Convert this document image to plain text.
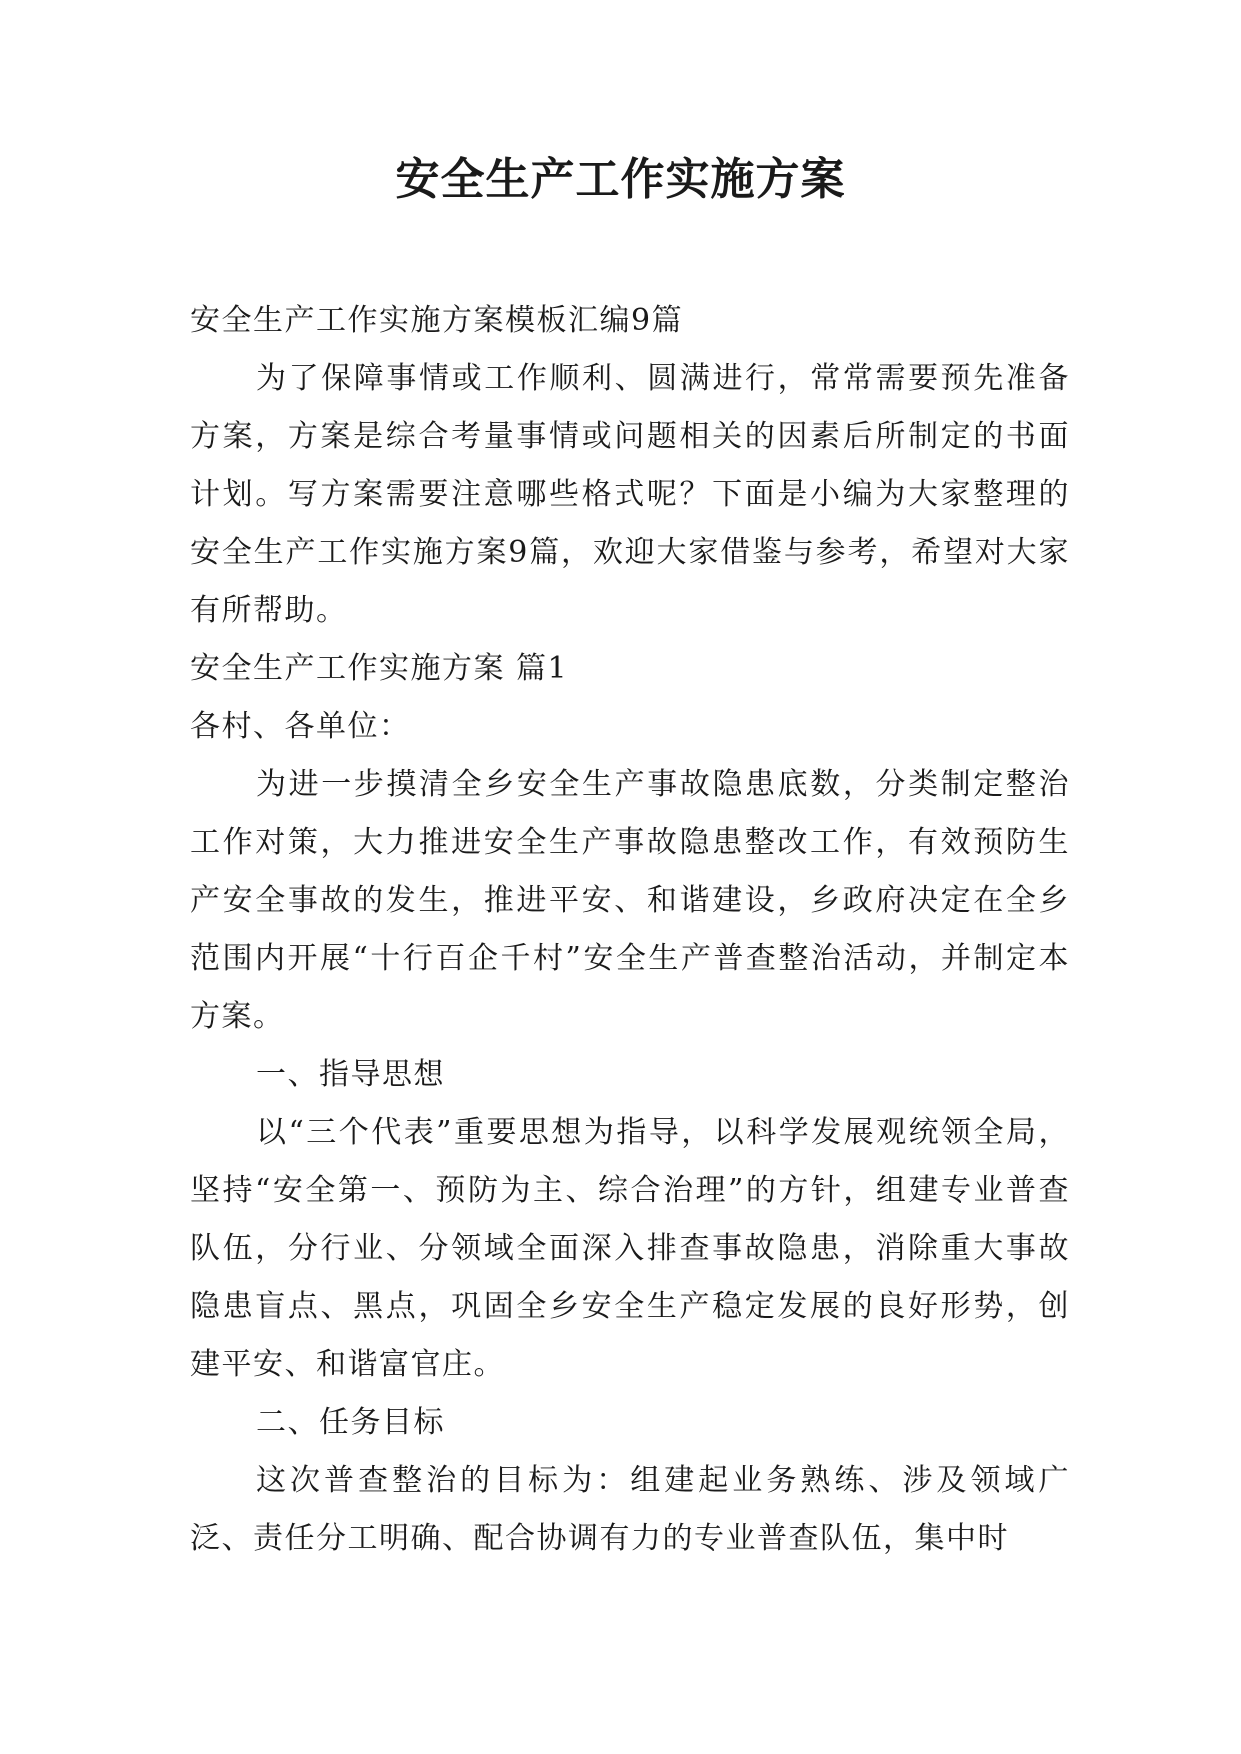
安全生产工作实施方案

安全生产工作实施方案模板汇编9篇

为了保障事情或工作顺利、圆满进行，常常需要预先准备方案，方案是综合考量事情或问题相关的因素后所制定的书面计划。写方案需要注意哪些格式呢？下面是小编为大家整理的安全生产工作实施方案9篇，欢迎大家借鉴与参考，希望对大家有所帮助。

安全生产工作实施方案 篇1

各村、各单位：

为进一步摸清全乡安全生产事故隐患底数，分类制定整治工作对策，大力推进安全生产事故隐患整改工作，有效预防生产安全事故的发生，推进平安、和谐建设，乡政府决定在全乡范围内开展“十行百企千村”安全生产普查整治活动，并制定本方案。

一、指导思想

以“三个代表”重要思想为指导，以科学发展观统领全局，坚持“安全第一、预防为主、综合治理”的方针，组建专业普查队伍，分行业、分领域全面深入排查事故隐患，消除重大事故隐患盲点、黑点，巩固全乡安全生产稳定发展的良好形势，创建平安、和谐富官庄。

二、任务目标

这次普查整治的目标为：组建起业务熟练、涉及领域广泛、责任分工明确、配合协调有力的专业普查队伍，集中时
